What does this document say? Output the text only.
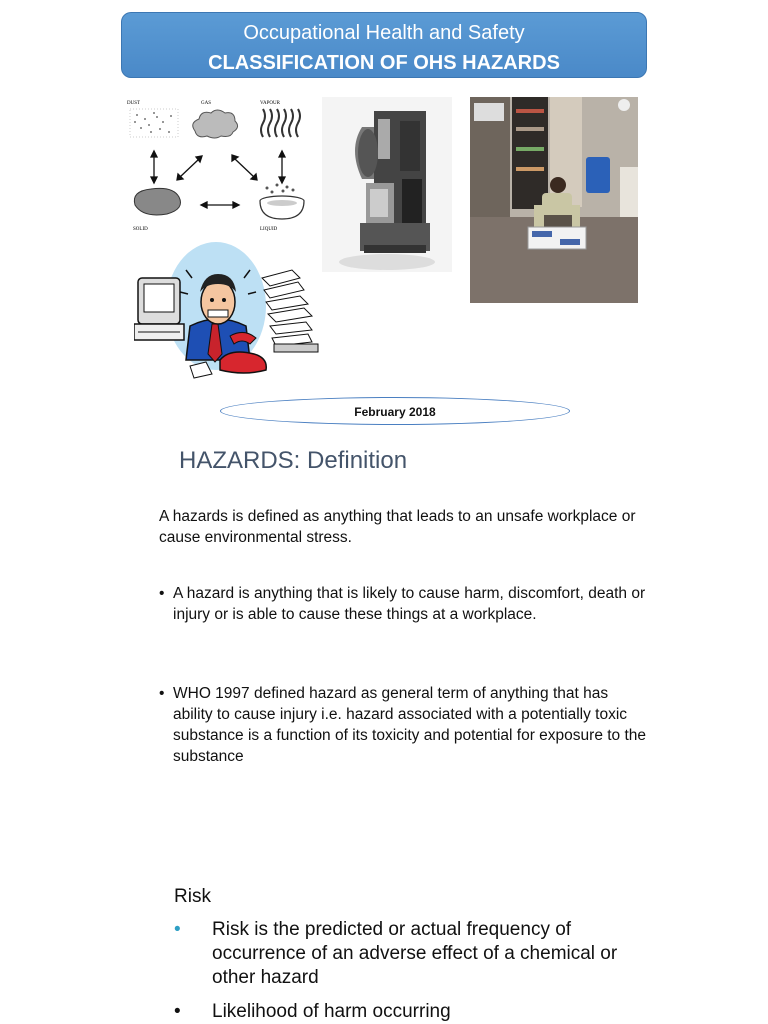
Occupational Health and Safety
CLASSIFICATION OF OHS HAZARDS
DUST	GAS	VAPOUR
SOLID	LIQUID
February 2018
HAZARDS: Definition
A hazards is defined as anything that leads to an unsafe workplace or cause environmental stress.
• A hazard is anything that is likely to cause harm, discomfort, death or injury or is able to cause these things at a workplace.
• WHO 1997 defined hazard as general term of anything that has ability to cause injury i.e. hazard associated with a potentially toxic substance is a function of its toxicity and potential for exposure to the substance
Risk
•	Risk is the predicted or actual frequency of occurrence of an adverse effect of a chemical or other hazard
•	Likelihood of harm occurring
